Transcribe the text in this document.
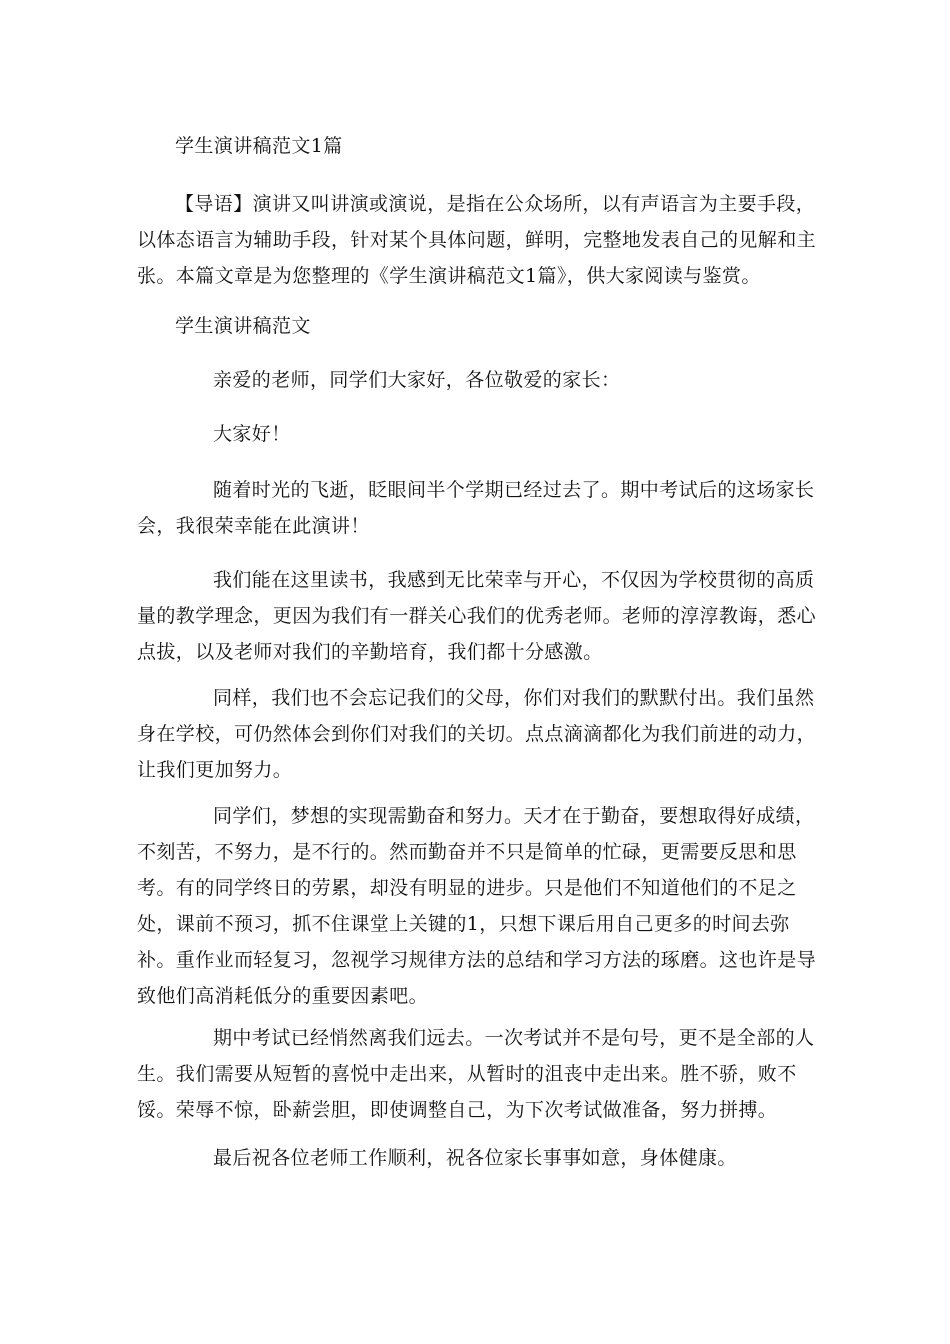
学生演讲稿范文1篇

【导语】演讲又叫讲演或演说，是指在公众场所，以有声语言为主要手段，以体态语言为辅助手段，针对某个具体问题，鲜明，完整地发表自己的见解和主张。本篇文章是为您整理的《学生演讲稿范文1篇》，供大家阅读与鉴赏。

学生演讲稿范文

亲爱的老师，同学们大家好，各位敬爱的家长：

大家好！

随着时光的飞逝，眨眼间半个学期已经过去了。期中考试后的这场家长会，我很荣幸能在此演讲！

我们能在这里读书，我感到无比荣幸与开心，不仅因为学校贯彻的高质量的教学理念，更因为我们有一群关心我们的优秀老师。老师的淳淳教诲，悉心点拔，以及老师对我们的辛勤培育，我们都十分感激。

同样，我们也不会忘记我们的父母，你们对我们的默默付出。我们虽然身在学校，可仍然体会到你们对我们的关切。点点滴滴都化为我们前进的动力，让我们更加努力。

同学们，梦想的实现需勤奋和努力。天才在于勤奋，要想取得好成绩，不刻苦，不努力，是不行的。然而勤奋并不只是简单的忙碌，更需要反思和思考。有的同学终日的劳累，却没有明显的进步。只是他们不知道他们的不足之处，课前不预习，抓不住课堂上关键的1，只想下课后用自己更多的时间去弥补。重作业而轻复习，忽视学习规律方法的总结和学习方法的琢磨。这也许是导致他们高消耗低分的重要因素吧。

期中考试已经悄然离我们远去。一次考试并不是句号，更不是全部的人生。我们需要从短暂的喜悦中走出来，从暂时的沮丧中走出来。胜不骄，败不馁。荣辱不惊，卧薪尝胆，即使调整自己，为下次考试做准备，努力拼搏。

最后祝各位老师工作顺利，祝各位家长事事如意，身体健康。
